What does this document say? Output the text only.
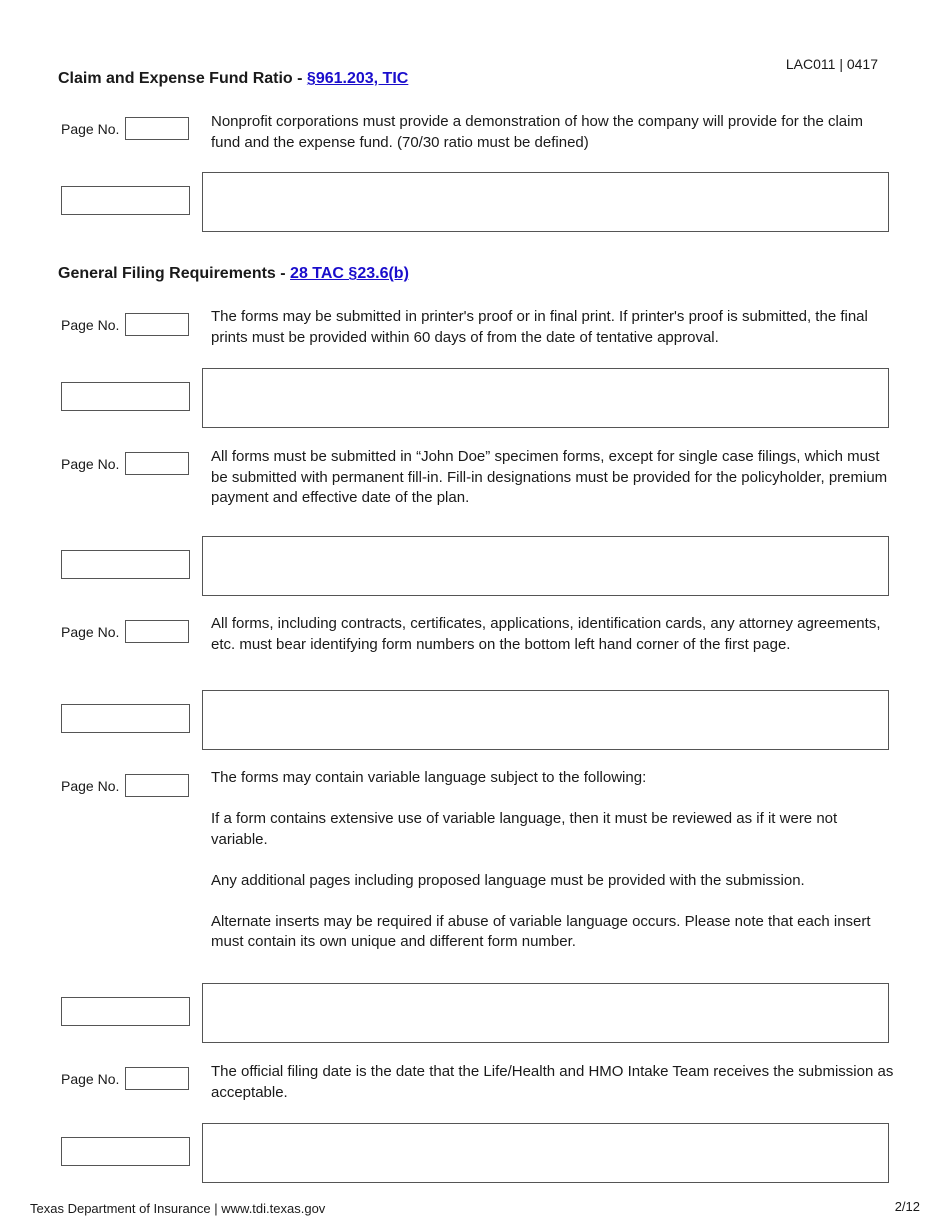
LAC011 | 0417
Claim and Expense Fund Ratio - §961.203, TIC
Page No.	Nonprofit corporations must provide a demonstration of how the company will provide for the claim fund and the expense fund. (70/30 ratio must be defined)

General Filing Requirements - 28 TAC §23.6(b)
Page No.	The forms may be submitted in printer's proof or in final print. If printer's proof is submitted, the final prints must be provided within 60 days of from the date of tentative approval.

Page No.	All forms must be submitted in “John Doe” specimen forms, except for single case filings, which must be submitted with permanent fill-in. Fill-in designations must be provided for the policyholder, premium payment and effective date of the plan.

Page No.	All forms, including contracts, certificates, applications, identification cards, any attorney agreements, etc. must bear identifying form numbers on the bottom left hand corner of the first page.

Page No.	The forms may contain variable language subject to the following:

If a form contains extensive use of variable language, then it must be reviewed as if it were not variable.

Any additional pages including proposed language must be provided with the submission.

Alternate inserts may be required if abuse of variable language occurs. Please note that each insert must contain its own unique and different form number.

Page No.	The official filing date is the date that the Life/Health and HMO Intake Team receives the submission as acceptable.

Texas Department of Insurance | www.tdi.texas.gov	2/12
